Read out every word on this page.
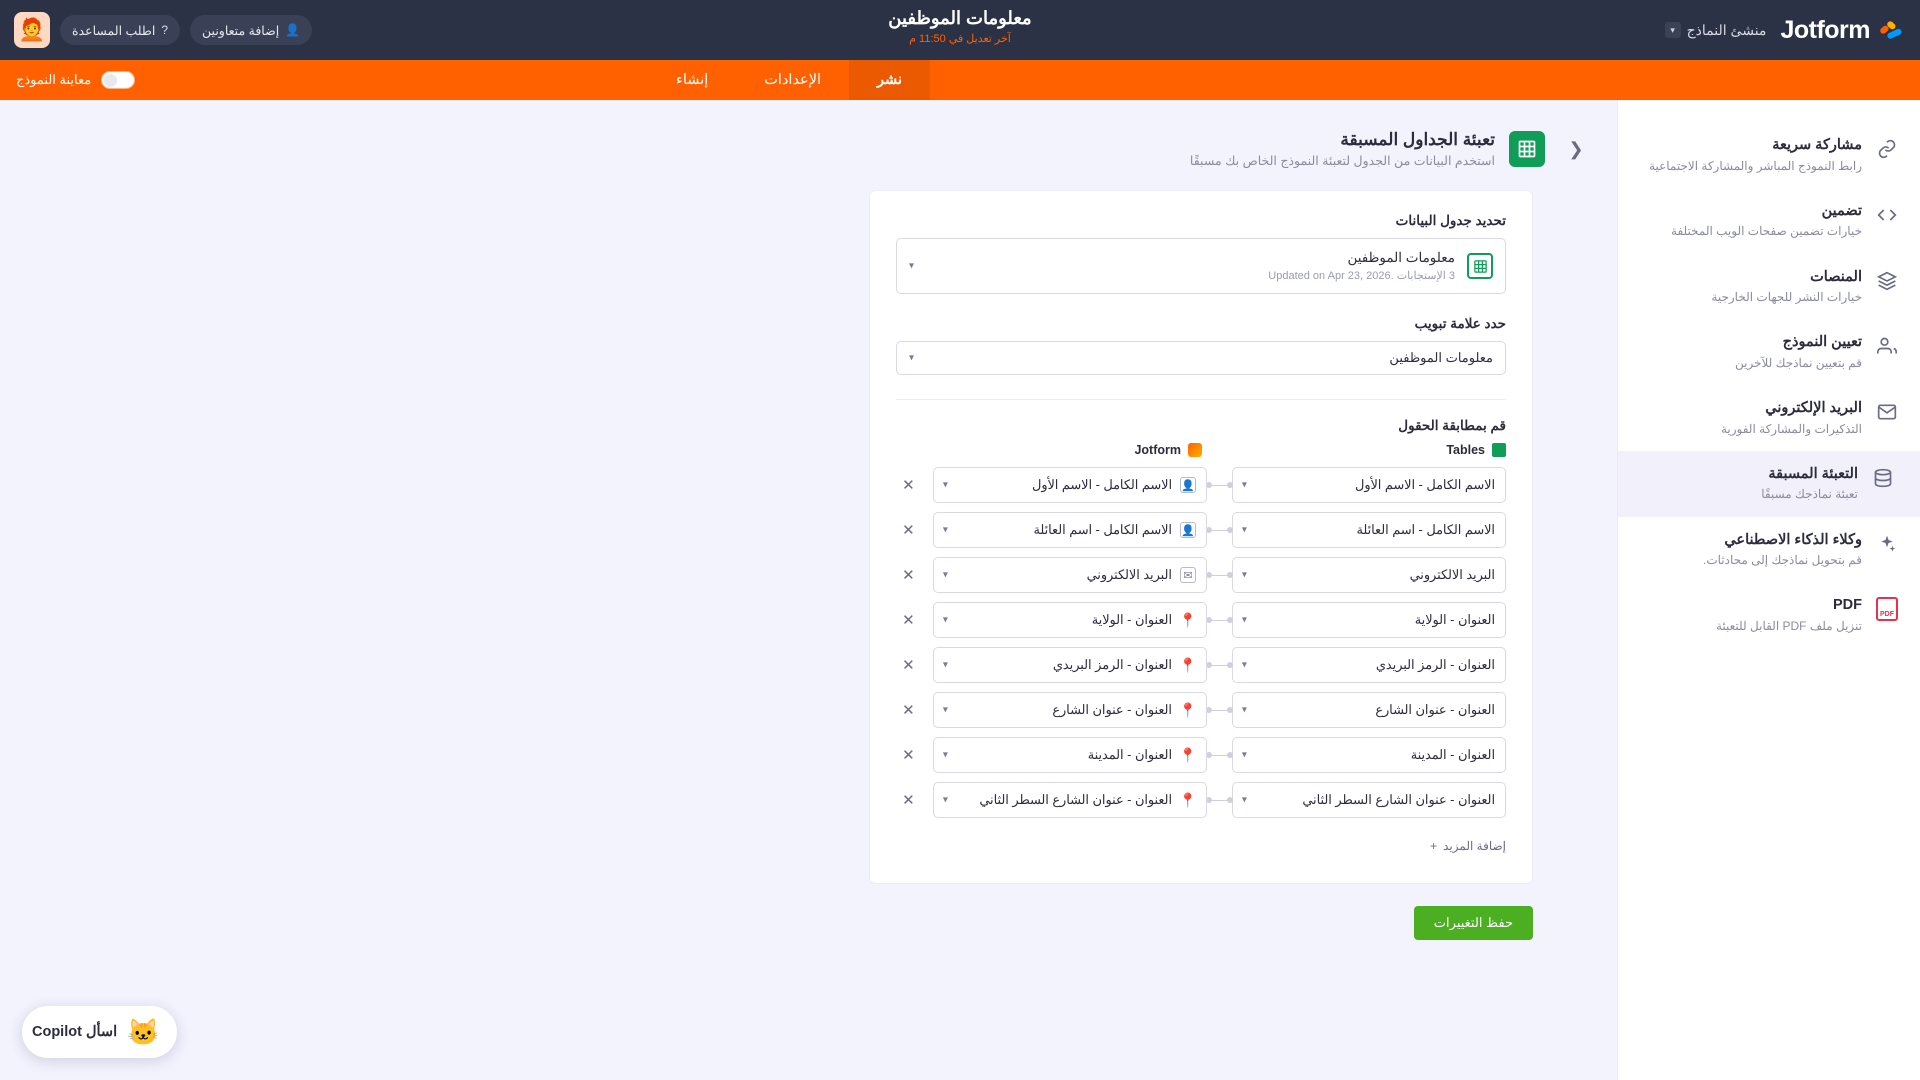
Jotform
منشئ النماذج
▾
معلومات الموظفين
آخر تعديل في 11:50 م
👤
إضافة متعاونين
?
اطلب المساعدة
🧑‍🦰
معاينة النموذج	نشر
الإعدادات
إنشاء
مشاركة سريعة
رابط النموذج المباشر والمشاركة الاجتماعية
تضمين
خيارات تضمين صفحات الويب المختلفة
المنصات
خيارات النشر للجهات الخارجية
تعيين النموذج
قم بتعيين نماذجك للآخرين
البريد الإلكتروني
التذكيرات والمشاركة الفورية
التعبئة المسبقة
تعبئة نماذجك مسبقًا
وكلاء الذكاء الاصطناعي
قم بتحويل نماذجك إلى محادثات.
PDF
PDF
تنزيل ملف PDF القابل للتعبئة
❮
تعبئة الجداول المسبقة
استخدم البيانات من الجدول لتعبئة النموذج الخاص بك مسبقًا
تحديد جدول البيانات
معلومات الموظفين
3 الإستجابات .Updated on Apr 23, 2026
▾
حدد علامة تبويب
معلومات الموظفين
▾
قم بمطابقة الحقول
Tables
Jotform
الاسم الكامل - الاسم الأول
▾
👤
الاسم الكامل - الاسم الأول
▾
✕
الاسم الكامل - اسم العائلة
▾
👤
الاسم الكامل - اسم العائلة
▾
✕
البريد الالكتروني
▾
✉
البريد الالكتروني
▾
✕
العنوان - الولاية
▾
📍
العنوان - الولاية
▾
✕
العنوان - الرمز البريدي
▾
📍
العنوان - الرمز البريدي
▾
✕
العنوان - عنوان الشارع
▾
📍
العنوان - عنوان الشارع
▾
✕
العنوان - المدينة
▾
📍
العنوان - المدينة
▾
✕
العنوان - عنوان الشارع السطر الثاني
▾
📍
العنوان - عنوان الشارع السطر الثاني
▾
✕
إضافة المزيد
+
حفظ التغييرات
🐱
اسأل Copilot
